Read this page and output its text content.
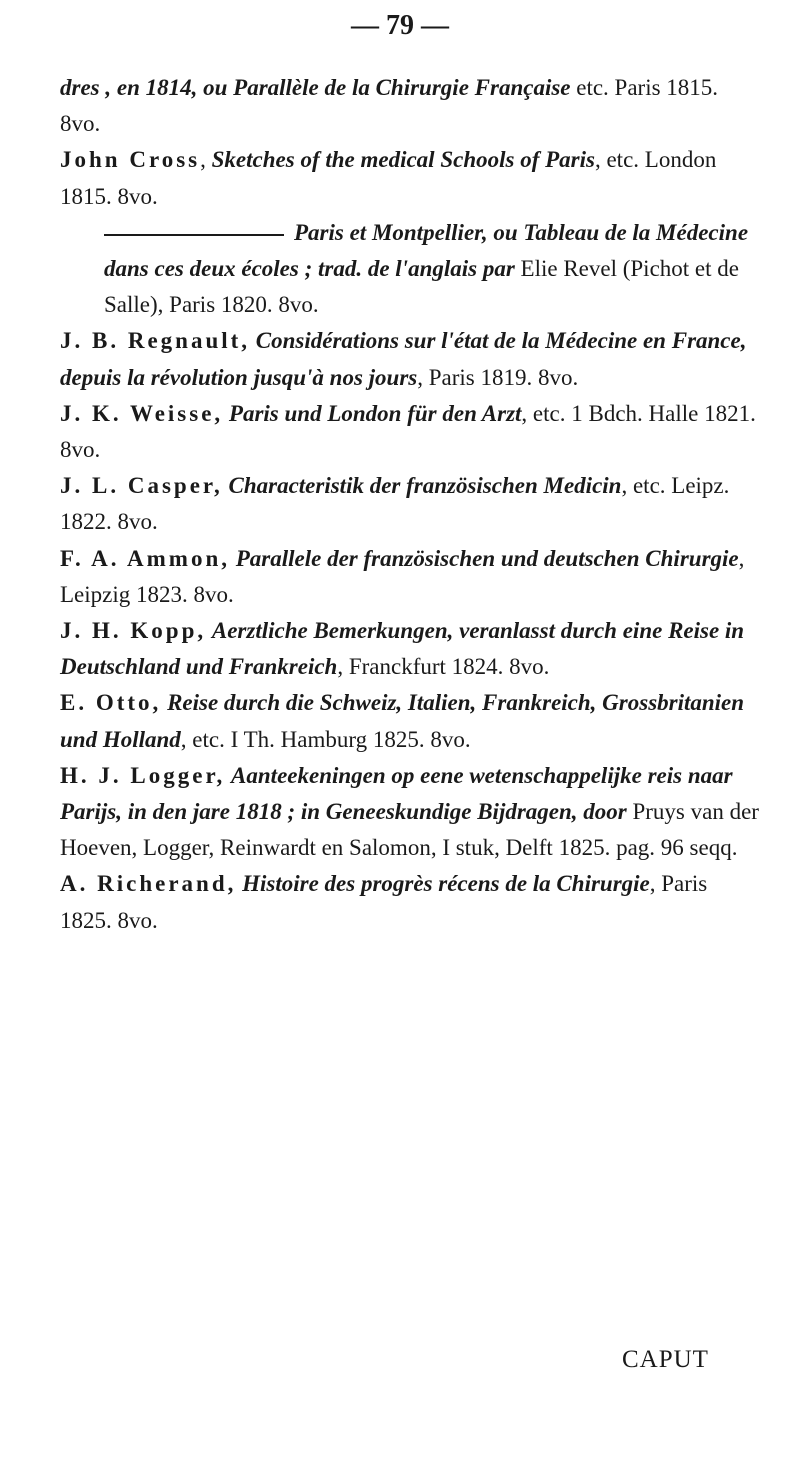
— 79 —

dres , en 1814, ou Parallèle de la Chirurgie Française etc. Paris 1815. 8vo.

John Cross, Sketches of the medical Schools of Paris, etc. London 1815. 8vo.

Paris et Montpellier, ou Tableau de la Médecine dans ces deux écoles ; trad. de l'anglais par Elie Revel (Pichot et de Salle), Paris 1820. 8vo.

J. B. Regnault, Considérations sur l'état de la Médecine en France, depuis la révolution jusqu'à nos jours, Paris 1819. 8vo.

J. K. Weisse, Paris und London für den Arzt, etc. 1 Bdch. Halle 1821. 8vo.

J. L. Casper, Characteristik der französischen Medicin, etc. Leipz. 1822. 8vo.

F. A. Ammon, Parallele der französischen und deutschen Chirurgie, Leipzig 1823. 8vo.

J. H. Kopp, Aerztliche Bemerkungen, veranlasst durch eine Reise in Deutschland und Frankreich, Franckfurt 1824. 8vo.

E. Otto, Reise durch die Schweiz, Italien, Frankreich, Grossbritanien und Holland, etc. I Th. Hamburg 1825. 8vo.

H. J. Logger, Aanteekeningen op eene wetenschappelijke reis naar Parijs, in den jare 1818 ; in Geneeskundige Bijdragen, door Pruys van der Hoeven, Logger, Reinwardt en Salomon, I stuk, Delft 1825. pag. 96 seqq.

A. Richerand, Histoire des progrès récens de la Chirurgie, Paris 1825. 8vo.

CAPUT
